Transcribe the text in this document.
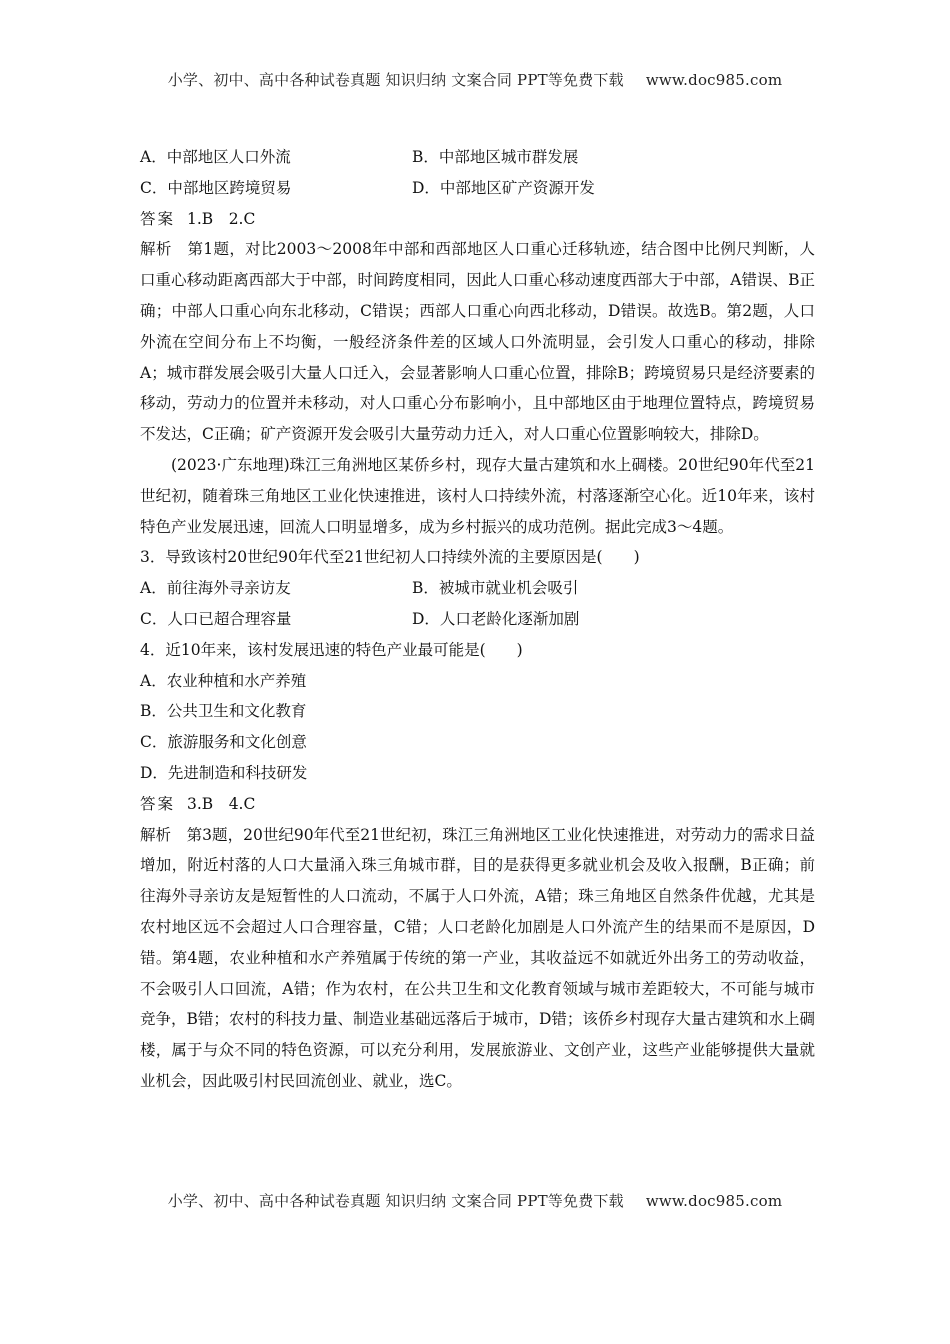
小学、初中、高中各种试卷真题 知识归纳 文案合同 PPT等免费下载 www.doc985.com
A．中部地区人口外流	B．中部地区城市群发展
C．中部地区跨境贸易	D．中部地区矿产资源开发
答案 1.B　2.C

解析　第1题，对比2003～2008年中部和西部地区人口重心迁移轨迹，结合图中比例尺判断，人口重心移动距离西部大于中部，时间跨度相同，因此人口重心移动速度西部大于中部，A错误、B正确；中部人口重心向东北移动，C错误；西部人口重心向西北移动，D错误。故选B。第2题，人口外流在空间分布上不均衡，一般经济条件差的区域人口外流明显，会引发人口重心的移动，排除A；城市群发展会吸引大量人口迁入，会显著影响人口重心位置，排除B；跨境贸易只是经济要素的移动，劳动力的位置并未移动，对人口重心分布影响小，且中部地区由于地理位置特点，跨境贸易不发达，C正确；矿产资源开发会吸引大量劳动力迁入，对人口重心位置影响较大，排除D。

(2023·广东地理)珠江三角洲地区某侨乡村，现存大量古建筑和水上碉楼。20世纪90年代至21世纪初，随着珠三角地区工业化快速推进，该村人口持续外流，村落逐渐空心化。近10年来，该村特色产业发展迅速，回流人口明显增多，成为乡村振兴的成功范例。据此完成3～4题。

3．导致该村20世纪90年代至21世纪初人口持续外流的主要原因是(　　)
A．前往海外寻亲访友	B．被城市就业机会吸引
C．人口已超合理容量	D．人口老龄化逐渐加剧
4．近10年来，该村发展迅速的特色产业最可能是(　　)
A．农业种植和水产养殖
B．公共卫生和文化教育
C．旅游服务和文化创意
D．先进制造和科技研发
答案 3.B　4.C

解析　第3题，20世纪90年代至21世纪初，珠江三角洲地区工业化快速推进，对劳动力的需求日益增加，附近村落的人口大量涌入珠三角城市群，目的是获得更多就业机会及收入报酬，B正确；前往海外寻亲访友是短暂性的人口流动，不属于人口外流，A错；珠三角地区自然条件优越，尤其是农村地区远不会超过人口合理容量，C错；人口老龄化加剧是人口外流产生的结果而不是原因，D错。第4题，农业种植和水产养殖属于传统的第一产业，其收益远不如就近外出务工的劳动收益，不会吸引人口回流，A错；作为农村，在公共卫生和文化教育领域与城市差距较大，不可能与城市竞争，B错；农村的科技力量、制造业基础远落后于城市，D错；该侨乡村现存大量古建筑和水上碉楼，属于与众不同的特色资源，可以充分利用，发展旅游业、文创产业，这些产业能够提供大量就业机会，因此吸引村民回流创业、就业，选C。

小学、初中、高中各种试卷真题 知识归纳 文案合同 PPT等免费下载 www.doc985.com
